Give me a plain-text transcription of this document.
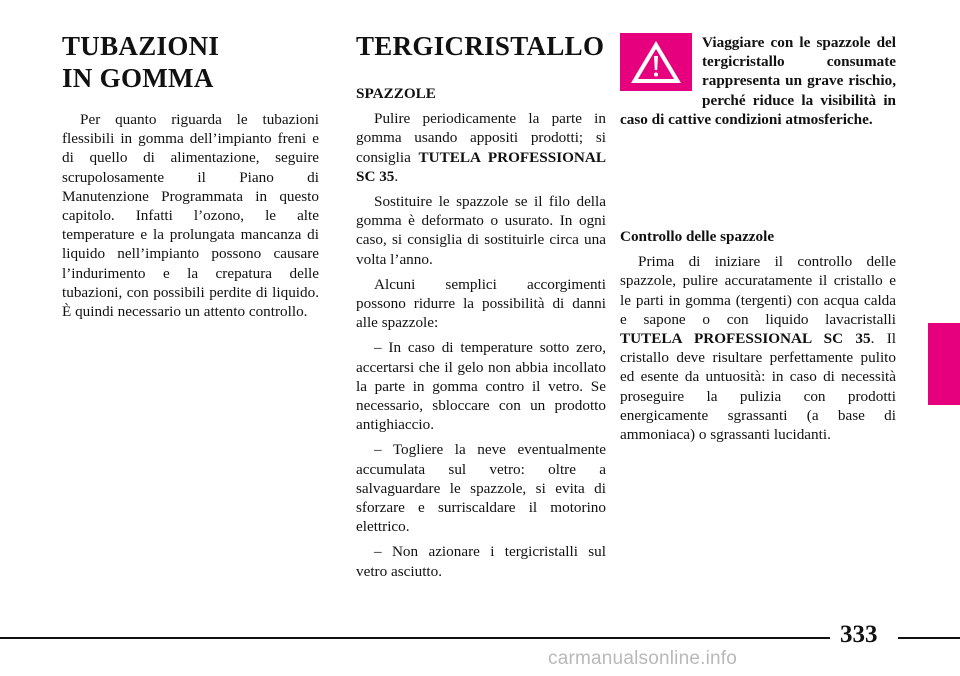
TUBAZIONI
IN GOMMA

Per quanto riguarda le tubazioni flessibili in gomma dell’impianto freni e di quello di alimentazione, seguire scrupolosamente il Piano di Manutenzione Programmata in questo capitolo. Infatti l’ozono, le alte temperature e la prolungata mancanza di liquido nell’impianto possono causare l’indurimento e la crepatura delle tubazioni, con possibili perdite di liquido. È quindi necessario un attento controllo.

TERGICRISTALLO

SPAZZOLE

Pulire periodicamente la parte in gomma usando appositi prodotti; si consiglia TUTELA PROFESSIONAL SC 35.

Sostituire le spazzole se il filo della gomma è deformato o usurato. In ogni caso, si consiglia di sostituirle circa una volta l’anno.

Alcuni semplici accorgimenti possono ridurre la possibilità di danni alle spazzole:

– In caso di temperature sotto zero, accertarsi che il gelo non abbia incollato la parte in gomma contro il vetro. Se necessario, sbloccare con un prodotto antighiaccio.

– Togliere la neve eventualmente accumulata sul vetro: oltre a salvaguardare le spazzole, si evita di sforzare e surriscaldare il motorino elettrico.

– Non azionare i tergicristalli sul vetro asciutto.

Viaggiare con le spazzole del tergicristallo consumate rappresenta un grave rischio, perché riduce la visibilità in caso di cattive condizioni atmosferiche.

Controllo delle spazzole

Prima di iniziare il controllo delle spazzole, pulire accuratamente il cristallo e le parti in gomma (tergenti) con acqua calda e sapone o con liquido lavacristalli TUTELA PROFESSIONAL SC 35. Il cristallo deve risultare perfettamente pulito ed esente da untuosità: in caso di necessità proseguire la pulizia con prodotti energicamente sgrassanti (a base di ammoniaca) o sgrassanti lucidanti.

333
carmanualsonline.info
